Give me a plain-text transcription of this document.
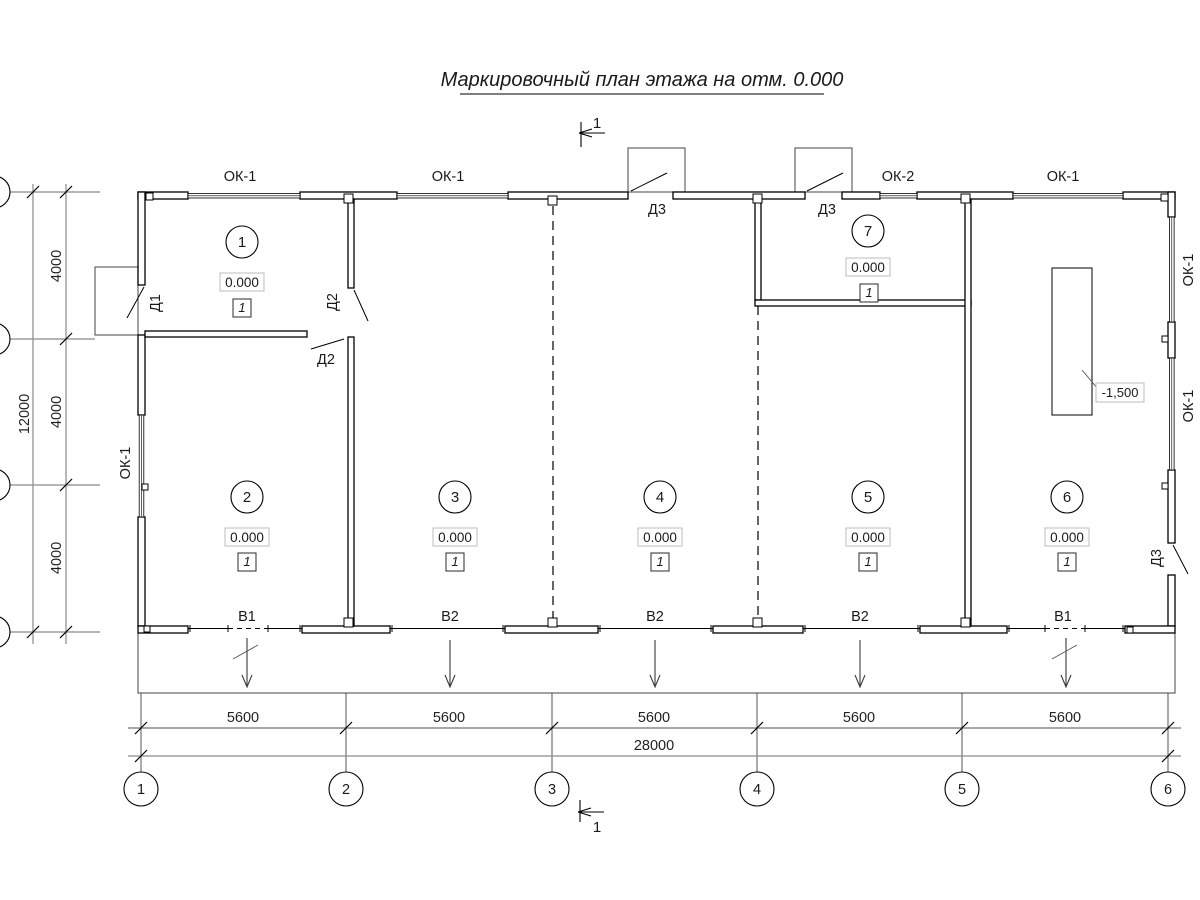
Маркировочный план этажа на отм. 0.000
1
-1,500
ОК-1	ОК-1	ОК-2	ОК-1
ОК-1
ОК-1
ОК-1
Д1	Д2
Д2
Д3	Д3
Д3
1
0.000
1
2
0.000
1
3
0.000
1
4
0.000
1
5
0.000
1
6
0.000
1
7
0.000
1
В1	В2	В2	В2	В1
5600	5600	5600	5600	5600
28000
1	2	3	4	5	6
1
12000
4000
4000
4000
